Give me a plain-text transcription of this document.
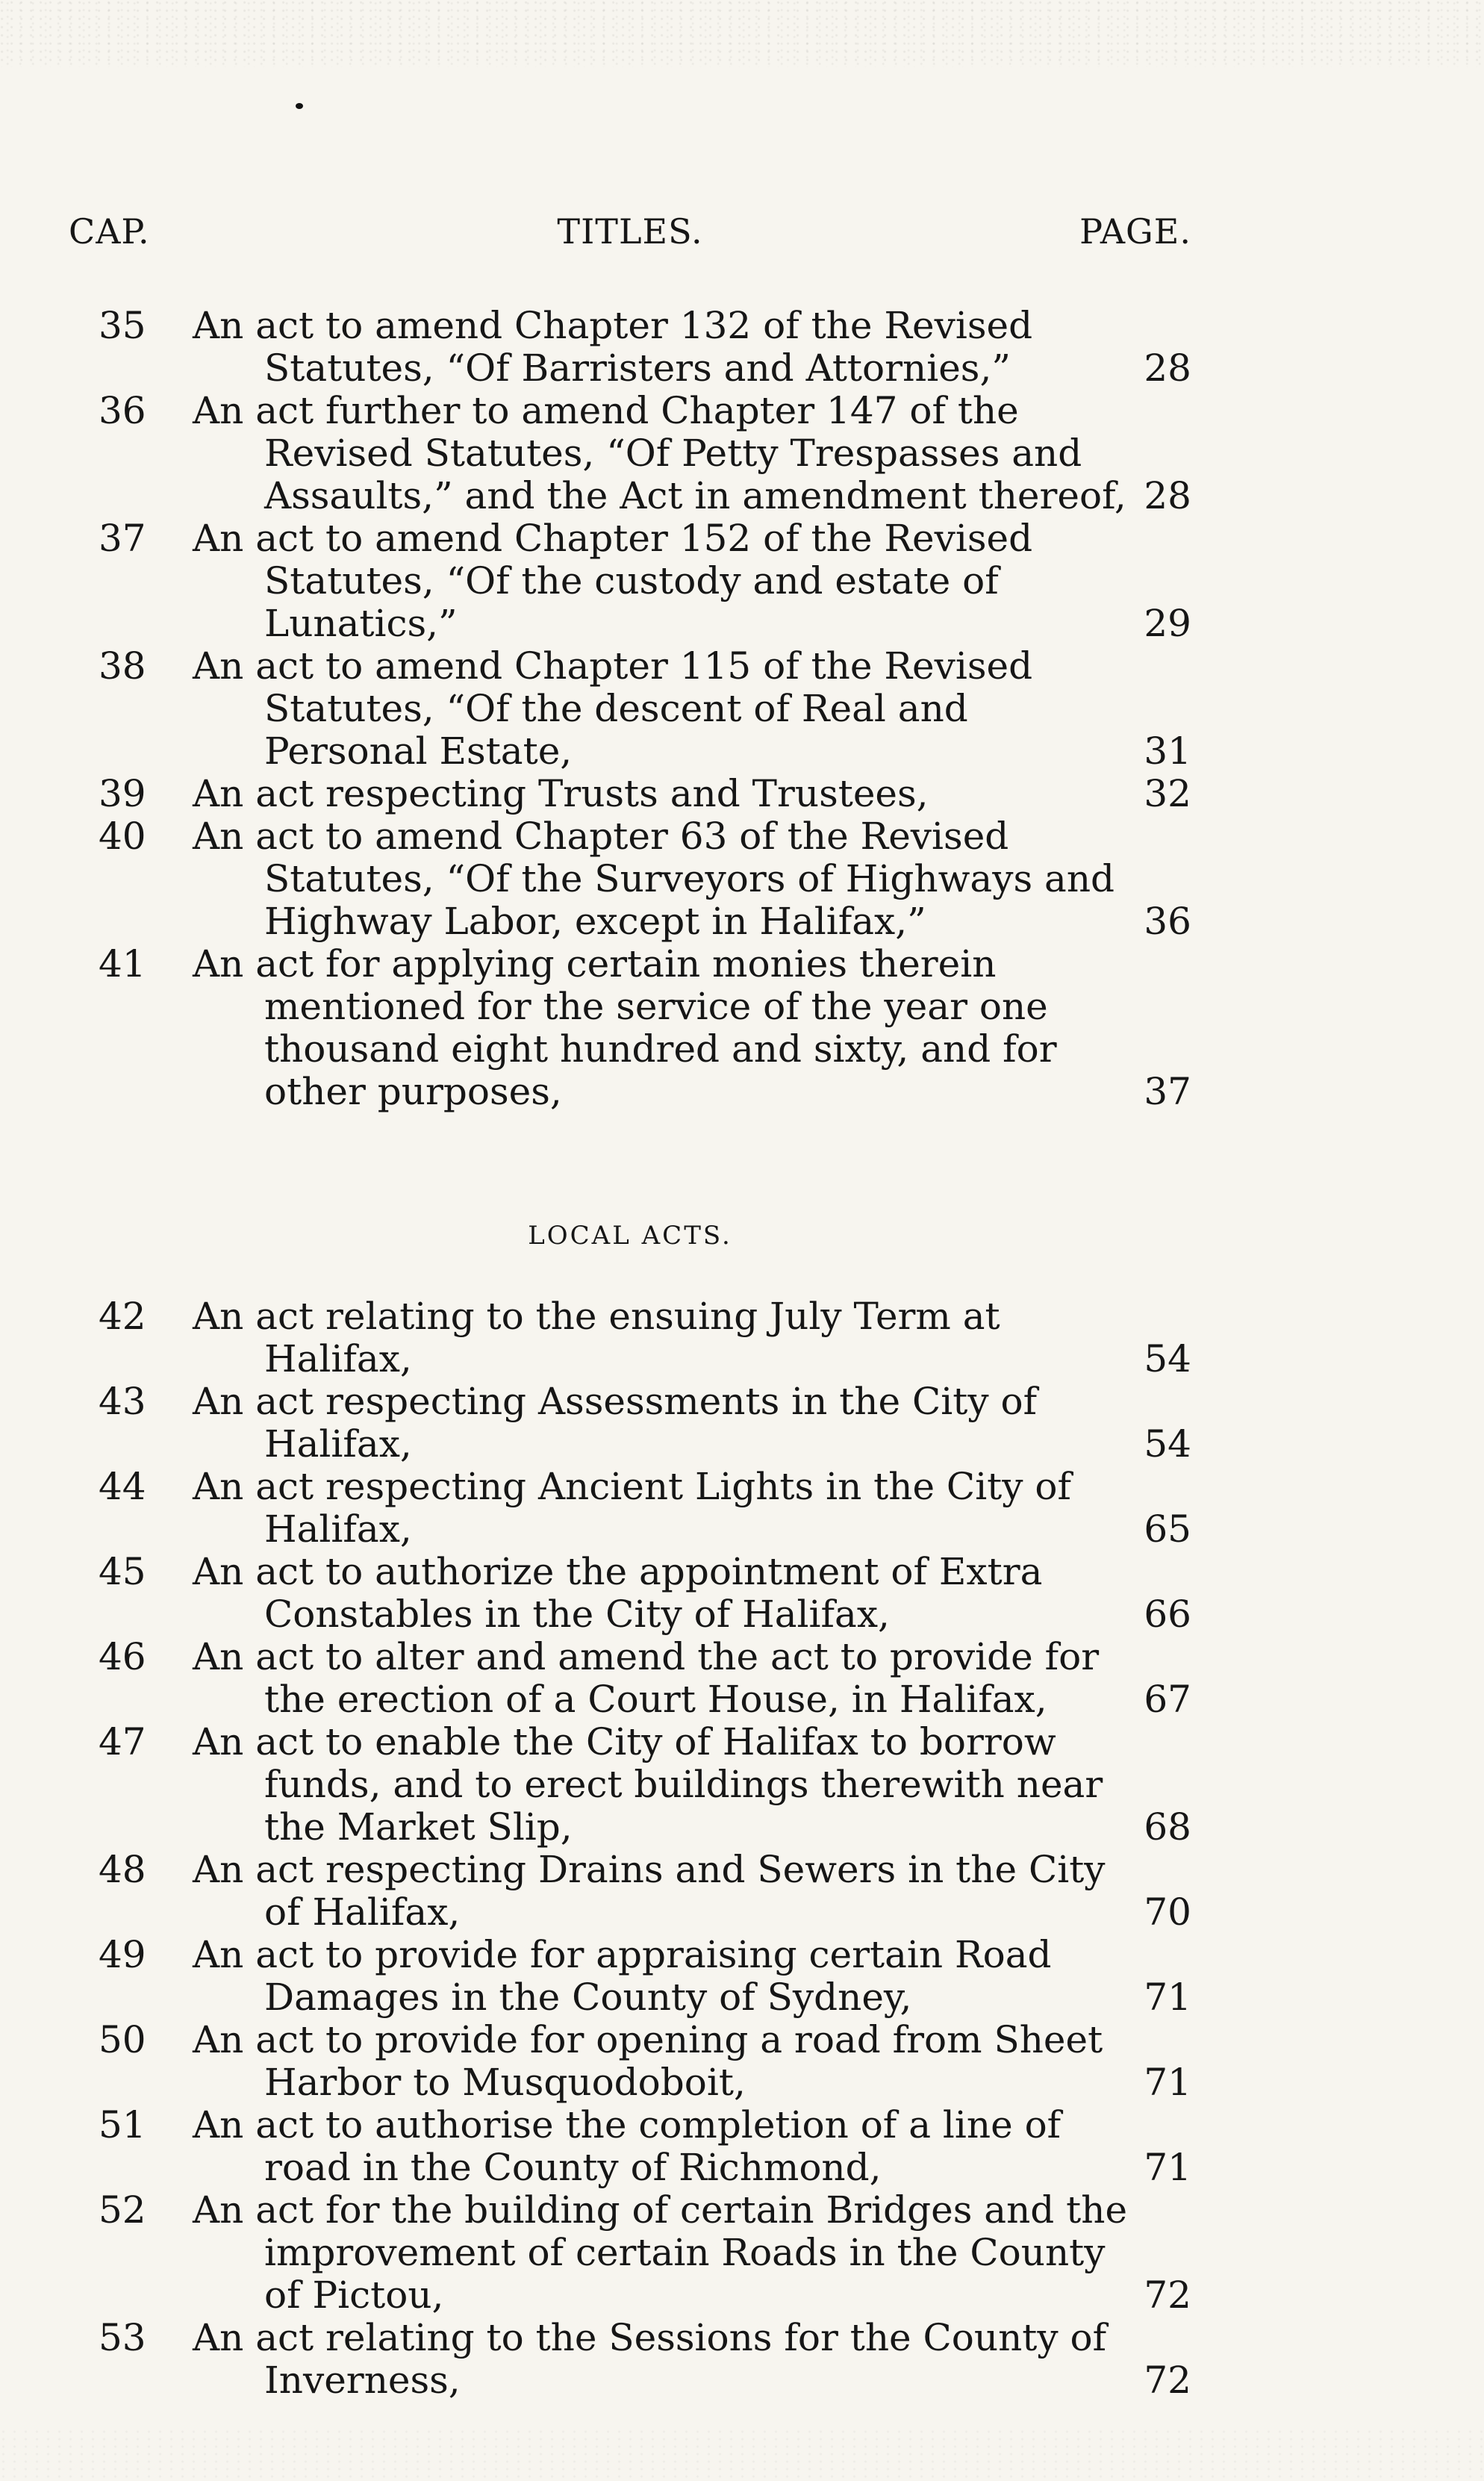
CAP.	TITLES.	PAGE.
35	An act to amend Chapter 132 of the Revised Statutes, “Of Barristers and Attornies,”	28
36	An act further to amend Chapter 147 of the Revised Statutes, “Of Petty Trespasses and Assaults,” and the Act in amendment thereof, 28
37	An act to amend Chapter 152 of the Revised Statutes, “Of the custody and estate of Lunatics,”	29
38	An act to amend Chapter 115 of the Revised Statutes, “Of the descent of Real and Personal Estate,	31
39	An act respecting Trusts and Trustees,	32
40	An act to amend Chapter 63 of the Revised Statutes, “Of the Surveyors of Highways and Highway Labor, except in Halifax,”	36
41	An act for applying certain monies therein mentioned for the service of the year one thousand eight hundred and sixty, and for other purposes,	37
LOCAL ACTS.
42	An act relating to the ensuing July Term at Halifax,	54
43	An act respecting Assessments in the City of Halifax,	54
44	An act respecting Ancient Lights in the City of Halifax,	65
45	An act to authorize the appointment of Extra Constables in the City of Halifax,	66
46	An act to alter and amend the act to provide for the erection of a Court House, in Halifax,	67
47	An act to enable the City of Halifax to borrow funds, and to erect buildings therewith near the Market Slip,	68
48	An act respecting Drains and Sewers in the City of Halifax,	70
49	An act to provide for appraising certain Road Damages in the County of Sydney,	71
50	An act to provide for opening a road from Sheet Harbor to Musquodoboit,	71
51	An act to authorise the completion of a line of road in the County of Richmond,	71
52	An act for the building of certain Bridges and the improvement of certain Roads in the County of Pictou,	72
53	An act relating to the Sessions for the County of Inverness,	72
